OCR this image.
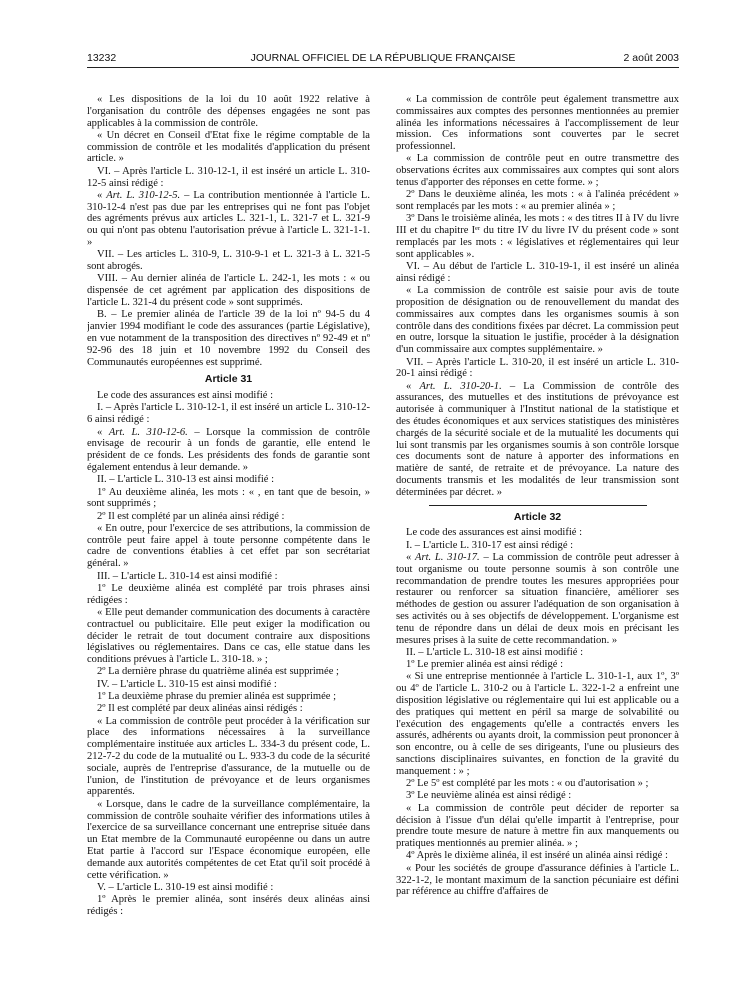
13232	JOURNAL OFFICIEL DE LA RÉPUBLIQUE FRANÇAISE	2 août 2003

« Les dispositions de la loi du 10 août 1922 relative à l'organisation du contrôle des dépenses engagées ne sont pas applicables à la commission de contrôle.

« Un décret en Conseil d'Etat fixe le régime comptable de la commission de contrôle et les modalités d'application du présent article. »

VI. – Après l'article L. 310-12-1, il est inséré un article L. 310-12-5 ainsi rédigé :

« Art. L. 310-12-5. – La contribution mentionnée à l'article L. 310-12-4 n'est pas due par les entreprises qui ne font pas l'objet des agréments prévus aux articles L. 321-1, L. 321-7 et L. 321-9 ou qui n'ont pas obtenu l'autorisation prévue à l'article L. 321-1-1. »

VII. – Les articles L. 310-9, L. 310-9-1 et L. 321-3 à L. 321-5 sont abrogés.

VIII. – Au dernier alinéa de l'article L. 242-1, les mots : « ou dispensée de cet agrément par application des dispositions de l'article L. 321-4 du présent code » sont supprimés.

B. – Le premier alinéa de l'article 39 de la loi nº 94-5 du 4 janvier 1994 modifiant le code des assurances (partie Législative), en vue notamment de la transposition des directives nº 92-49 et nº 92-96 des 18 juin et 10 novembre 1992 du Conseil des Communautés européennes est supprimé.

Article 31

Le code des assurances est ainsi modifié :

I. – Après l'article L. 310-12-1, il est inséré un article L. 310-12-6 ainsi rédigé :

« Art. L. 310-12-6. – Lorsque la commission de contrôle envisage de recourir à un fonds de garantie, elle entend le président de ce fonds. Les présidents des fonds de garantie sont également entendus à leur demande. »

II. – L'article L. 310-13 est ainsi modifié :

1º Au deuxième alinéa, les mots : « , en tant que de besoin, » sont supprimés ;

2º Il est complété par un alinéa ainsi rédigé :

« En outre, pour l'exercice de ses attributions, la commission de contrôle peut faire appel à toute personne compétente dans le cadre de conventions établies à cet effet par son secrétariat général. »

III. – L'article L. 310-14 est ainsi modifié :

1º Le deuxième alinéa est complété par trois phrases ainsi rédigées :

« Elle peut demander communication des documents à caractère contractuel ou publicitaire. Elle peut exiger la modification ou décider le retrait de tout document contraire aux dispositions législatives ou réglementaires. Dans ce cas, elle statue dans les conditions prévues à l'article L. 310-18. » ;

2º La dernière phrase du quatrième alinéa est supprimée ;

IV. – L'article L. 310-15 est ainsi modifié :

1º La deuxième phrase du premier alinéa est supprimée ;

2º Il est complété par deux alinéas ainsi rédigés :

« La commission de contrôle peut procéder à la vérification sur place des informations nécessaires à la surveillance complémentaire instituée aux articles L. 334-3 du présent code, L. 212-7-2 du code de la mutualité ou L. 933-3 du code de la sécurité sociale, auprès de l'entreprise d'assurance, de la mutuelle ou de l'union, de l'institution de prévoyance et de leurs organismes apparentés.

« Lorsque, dans le cadre de la surveillance complémentaire, la commission de contrôle souhaite vérifier des informations utiles à l'exercice de sa surveillance concernant une entreprise située dans un Etat membre de la Communauté européenne ou dans un autre Etat partie à l'accord sur l'Espace économique européen, elle demande aux autorités compétentes de cet Etat qu'il soit procédé à cette vérification. »

V. – L'article L. 310-19 est ainsi modifié :

1º Après le premier alinéa, sont insérés deux alinéas ainsi rédigés :

« La commission de contrôle peut également transmettre aux commissaires aux comptes des personnes mentionnées au premier alinéa les informations nécessaires à l'accomplissement de leur mission. Ces informations sont couvertes par le secret professionnel.

« La commission de contrôle peut en outre transmettre des observations écrites aux commissaires aux comptes qui sont alors tenus d'apporter des réponses en cette forme. » ;

2º Dans le deuxième alinéa, les mots : « à l'alinéa précédent » sont remplacés par les mots : « au premier alinéa » ;

3º Dans le troisième alinéa, les mots : « des titres II à IV du livre III et du chapitre Iᵉʳ du titre IV du livre IV du présent code » sont remplacés par les mots : « législatives et réglementaires qui leur sont applicables ».

VI. – Au début de l'article L. 310-19-1, il est inséré un alinéa ainsi rédigé :

« La commission de contrôle est saisie pour avis de toute proposition de désignation ou de renouvellement du mandat des commissaires aux comptes dans les organismes soumis à son contrôle dans des conditions fixées par décret. La commission peut en outre, lorsque la situation le justifie, procéder à la désignation d'un commissaire aux comptes supplémentaire. »

VII. – Après l'article L. 310-20, il est inséré un article L. 310-20-1 ainsi rédigé :

« Art. L. 310-20-1. – La Commission de contrôle des assurances, des mutuelles et des institutions de prévoyance est autorisée à communiquer à l'Institut national de la statistique et des études économiques et aux services statistiques des ministères chargés de la sécurité sociale et de la mutualité les documents qui lui sont transmis par les organismes soumis à son contrôle lorsque ces documents sont de nature à apporter des informations en matière de santé, de retraite et de prévoyance. La nature des documents transmis et les modalités de leur transmission sont déterminées par décret. »

Article 32

Le code des assurances est ainsi modifié :

I. – L'article L. 310-17 est ainsi rédigé :

« Art. L. 310-17. – La commission de contrôle peut adresser à tout organisme ou toute personne soumis à son contrôle une recommandation de prendre toutes les mesures appropriées pour restaurer ou renforcer sa situation financière, améliorer ses méthodes de gestion ou assurer l'adéquation de son organisation à ses activités ou à ses objectifs de développement. L'organisme est tenu de répondre dans un délai de deux mois en précisant les mesures prises à la suite de cette recommandation. »

II. – L'article L. 310-18 est ainsi modifié :

1º Le premier alinéa est ainsi rédigé :

« Si une entreprise mentionnée à l'article L. 310-1-1, aux 1º, 3º ou 4º de l'article L. 310-2 ou à l'article L. 322-1-2 a enfreint une disposition législative ou réglementaire qui lui est applicable ou a des pratiques qui mettent en péril sa marge de solvabilité ou l'exécution des engagements qu'elle a contractés envers les assurés, adhérents ou ayants droit, la commission peut prononcer à son encontre, ou à celle de ses dirigeants, l'une ou plusieurs des sanctions disciplinaires suivantes, en fonction de la gravité du manquement : » ;

2º Le 5º est complété par les mots : « ou d'autorisation » ;

3º Le neuvième alinéa est ainsi rédigé :

« La commission de contrôle peut décider de reporter sa décision à l'issue d'un délai qu'elle impartit à l'entreprise, pour prendre toute mesure de nature à mettre fin aux manquements ou pratiques mentionnés au premier alinéa. » ;

4º Après le dixième alinéa, il est inséré un alinéa ainsi rédigé :

« Pour les sociétés de groupe d'assurance définies à l'article L. 322-1-2, le montant maximum de la sanction pécuniaire est défini par référence au chiffre d'affaires de
